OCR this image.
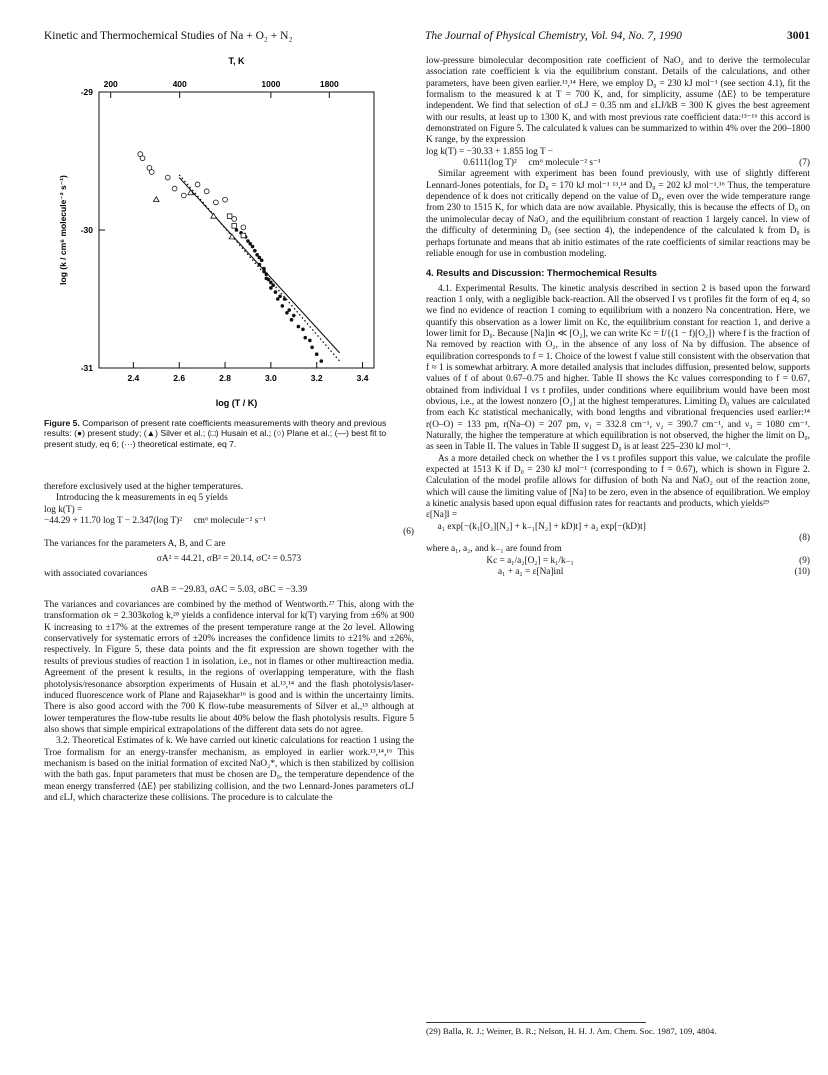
Kinetic and Thermochemical Studies of Na + O₂ + N₂	The Journal of Physical Chemistry, Vol. 94, No. 7, 1990	3001
2.4	2.6	2.8	3.0	3.2	3.4
200	400	1000	1800
-29
-30
-31
T, K
log (T / K)
log (k / cm⁶ molecule⁻² s⁻¹)

Figure 5. Comparison of present rate coefficients measurements with theory and previous results: (●) present study; (▲) Silver et al.; (□) Husain et al.; (○) Plane et al.; (—) best fit to present study, eq 6; (···) theoretical estimate, eq 7.

therefore exclusively used at the higher temperatures.

Introducing the k measurements in eq 5 yields

log k(T) =
−44.29 + 11.70 log T − 2.347(log T)²     cm⁶ molecule⁻² s⁻¹
(6)

The variances for the parameters A, B, and C are

σA² = 44.21, σB² = 20.14, σC² = 0.573

with associated covariances

σAB = −29.83, σAC = 5.03, σBC = −3.39

The variances and covariances are combined by the method of Wentworth.²⁷ This, along with the transformation σk = 2.303kσlog k,²⁸ yields a confidence interval for k(T) varying from ±6% at 900 K increasing to ±17% at the extremes of the present temperature range at the 2σ level. Allowing conservatively for systematic errors of ±20% increases the confidence limits to ±21% and ±26%, respectively. In Figure 5, these data points and the fit expression are shown together with the results of previous studies of reaction 1 in isolation, i.e., not in flames or other multireaction media. Agreement of the present k results, in the regions of overlapping temperature, with the flash photolysis/resonance absorption experiments of Husain et al.¹³,¹⁴ and the flash photolysis/laser-induced fluorescence work of Plane and Rajasekhar¹⁶ is good and is within the uncertainty limits. There is also good accord with the 700 K flow-tube measurements of Silver et al.,¹⁵ although at lower temperatures the flow-tube results lie about 40% below the flash photolysis results. Figure 5 also shows that simple empirical extrapolations of the different data sets do not agree.

3.2. Theoretical Estimates of k. We have carried out kinetic calculations for reaction 1 using the Troe formalism for an energy-transfer mechanism, as employed in earlier work.¹³,¹⁴,¹⁶ This mechanism is based on the initial formation of excited NaO₂*, which is then stabilized by collision with the bath gas. Input parameters that must be chosen are D₀, the temperature dependence of the mean energy transferred ⟨ΔE⟩ per stabilizing collision, and the two Lennard-Jones parameters σLJ and εLJ, which characterize these collisions. The procedure is to calculate the

low-pressure bimolecular decomposition rate coefficient of NaO₂ and to derive the termolecular association rate coefficient k via the equilibrium constant. Details of the calculations, and other parameters, have been given earlier.¹³,¹⁴ Here, we employ D₀ = 230 kJ mol⁻¹ (see section 4.1), fit the formalism to the measured k at T = 700 K, and, for simplicity, assume ⟨ΔE⟩ to be temperature independent. We find that selection of σLJ = 0.35 nm and εLJ/kB = 300 K gives the best agreement with our results, at least up to 1300 K, and with most previous rate coefficient data:¹³⁻¹⁶ this accord is demonstrated on Figure 5. The calculated k values can be summarized to within 4% over the 200–1800 K range, by the expression

log k(T) = −30.33 + 1.855 log T −
0.6111(log T)²     cm⁶ molecule⁻² s⁻¹	(7)

Similar agreement with experiment has been found previously, with use of slightly different Lennard-Jones potentials, for D₀ = 170 kJ mol⁻¹ ¹³,¹⁴ and D₀ = 202 kJ mol⁻¹.¹⁶ Thus, the temperature dependence of k does not critically depend on the value of D₀, even over the wide temperature range from 230 to 1515 K, for which data are now available. Physically, this is because the effects of D₀ on the unimolecular decay of NaO₂ and the equilibrium constant of reaction 1 largely cancel. In view of the difficulty of determining D₀ (see section 4), the independence of the calculated k from D₀ is perhaps fortunate and means that ab initio estimates of the rate coefficients of similar reactions may be reliable enough for use in combustion modeling.

4. Results and Discussion: Thermochemical Results

4.1. Experimental Results. The kinetic analysis described in section 2 is based upon the forward reaction 1 only, with a negligible back-reaction. All the observed I vs t profiles fit the form of eq 4, so we find no evidence of reaction 1 coming to equilibrium with a nonzero Na concentration. Here, we quantify this observation as a lower limit on Kc, the equilibrium constant for reaction 1, and derive a lower limit for D₀. Because [Na]in ≪ [O₂], we can write Kc = f/{(1 − f)[O₂]} where f is the fraction of Na removed by reaction with O₂, in the absence of any loss of Na by diffusion. The absence of equilibration corresponds to f = 1. Choice of the lowest f value still consistent with the observation that f ≈ 1 is somewhat arbitrary. A more detailed analysis that includes diffusion, presented below, supports values of f of about 0.67–0.75 and higher. Table II shows the Kc values corresponding to f = 0.67, obtained from individual I vs t profiles, under conditions where equilibrium would have been most obvious, i.e., at the lowest nonzero [O₂] at the highest temperatures. Limiting D₀ values are calculated from each Kc statistical mechanically, with bond lengths and vibrational frequencies used earlier:¹⁴ r(O–O) = 133 pm, r(Na–O) = 207 pm, ν₁ = 332.8 cm⁻¹, ν₂ = 390.7 cm⁻¹, and ν₃ = 1080 cm⁻¹. Naturally, the higher the temperature at which equilibration is not observed, the higher the limit on D₀, as seen in Table II. The values in Table II suggest D₀ is at least 225–230 kJ mol⁻¹.

As a more detailed check on whether the I vs t profiles support this value, we calculate the profile expected at 1513 K if D₀ = 230 kJ mol⁻¹ (corresponding to f = 0.67), which is shown in Figure 2. Calculation of the model profile allows for diffusion of both Na and NaO₂ out of the reaction zone, which will cause the limiting value of [Na] to be zero, even in the absence of equilibration. We employ a kinetic analysis based upon equal diffusion rates for reactants and products, which yields²⁹

ε[Na]l =
a₁ exp[−(k₁[O₂][N₂] + k₋₁[N₂] + kD)t] + a₂ exp[−(kD)t]
(8)

where a₁, a₂, and k₋₁ are found from

Kc = a₁/a₂[O₂] = k₁/k₋₁	(9)
a₁ + a₂ = ε[Na]inl	(10)
(29) Balla, R. J.; Weiner, B. R.; Nelson, H. H. J. Am. Chem. Soc. 1987, 109, 4804.
